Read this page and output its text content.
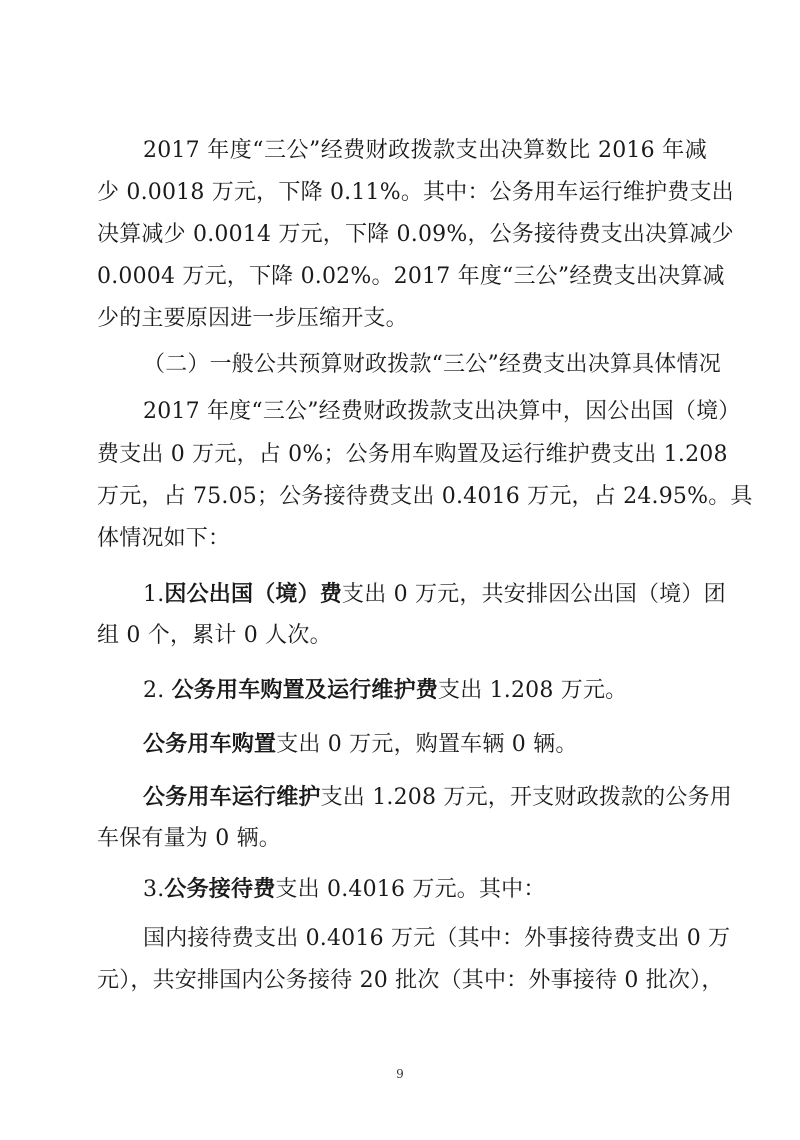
2017 年度“三公”经费财政拨款支出决算数比 2016 年减
少 0.0018 万元，下降 0.11%。其中：公务用车运行维护费支出
决算减少 0.0014 万元，下降 0.09%，公务接待费支出决算减少
0.0004 万元，下降 0.02%。2017 年度“三公”经费支出决算减
少的主要原因进一步压缩开支。
（二）一般公共预算财政拨款“三公”经费支出决算具体情况
2017 年度“三公”经费财政拨款支出决算中，因公出国（境）
费支出 0 万元，占 0%；公务用车购置及运行维护费支出 1.208
万元，占 75.05；公务接待费支出 0.4016 万元，占 24.95%。具
体情况如下：
1.因公出国（境）费支出 0 万元，共安排因公出国（境）团
组 0 个，累计 0 人次。
2. 公务用车购置及运行维护费支出 1.208 万元。
公务用车购置支出 0 万元，购置车辆 0 辆。
公务用车运行维护支出 1.208 万元，开支财政拨款的公务用
车保有量为 0 辆。
3.公务接待费支出 0.4016 万元。其中：
国内接待费支出 0.4016 万元（其中：外事接待费支出 0 万
元），共安排国内公务接待 20 批次（其中：外事接待 0 批次），
9
